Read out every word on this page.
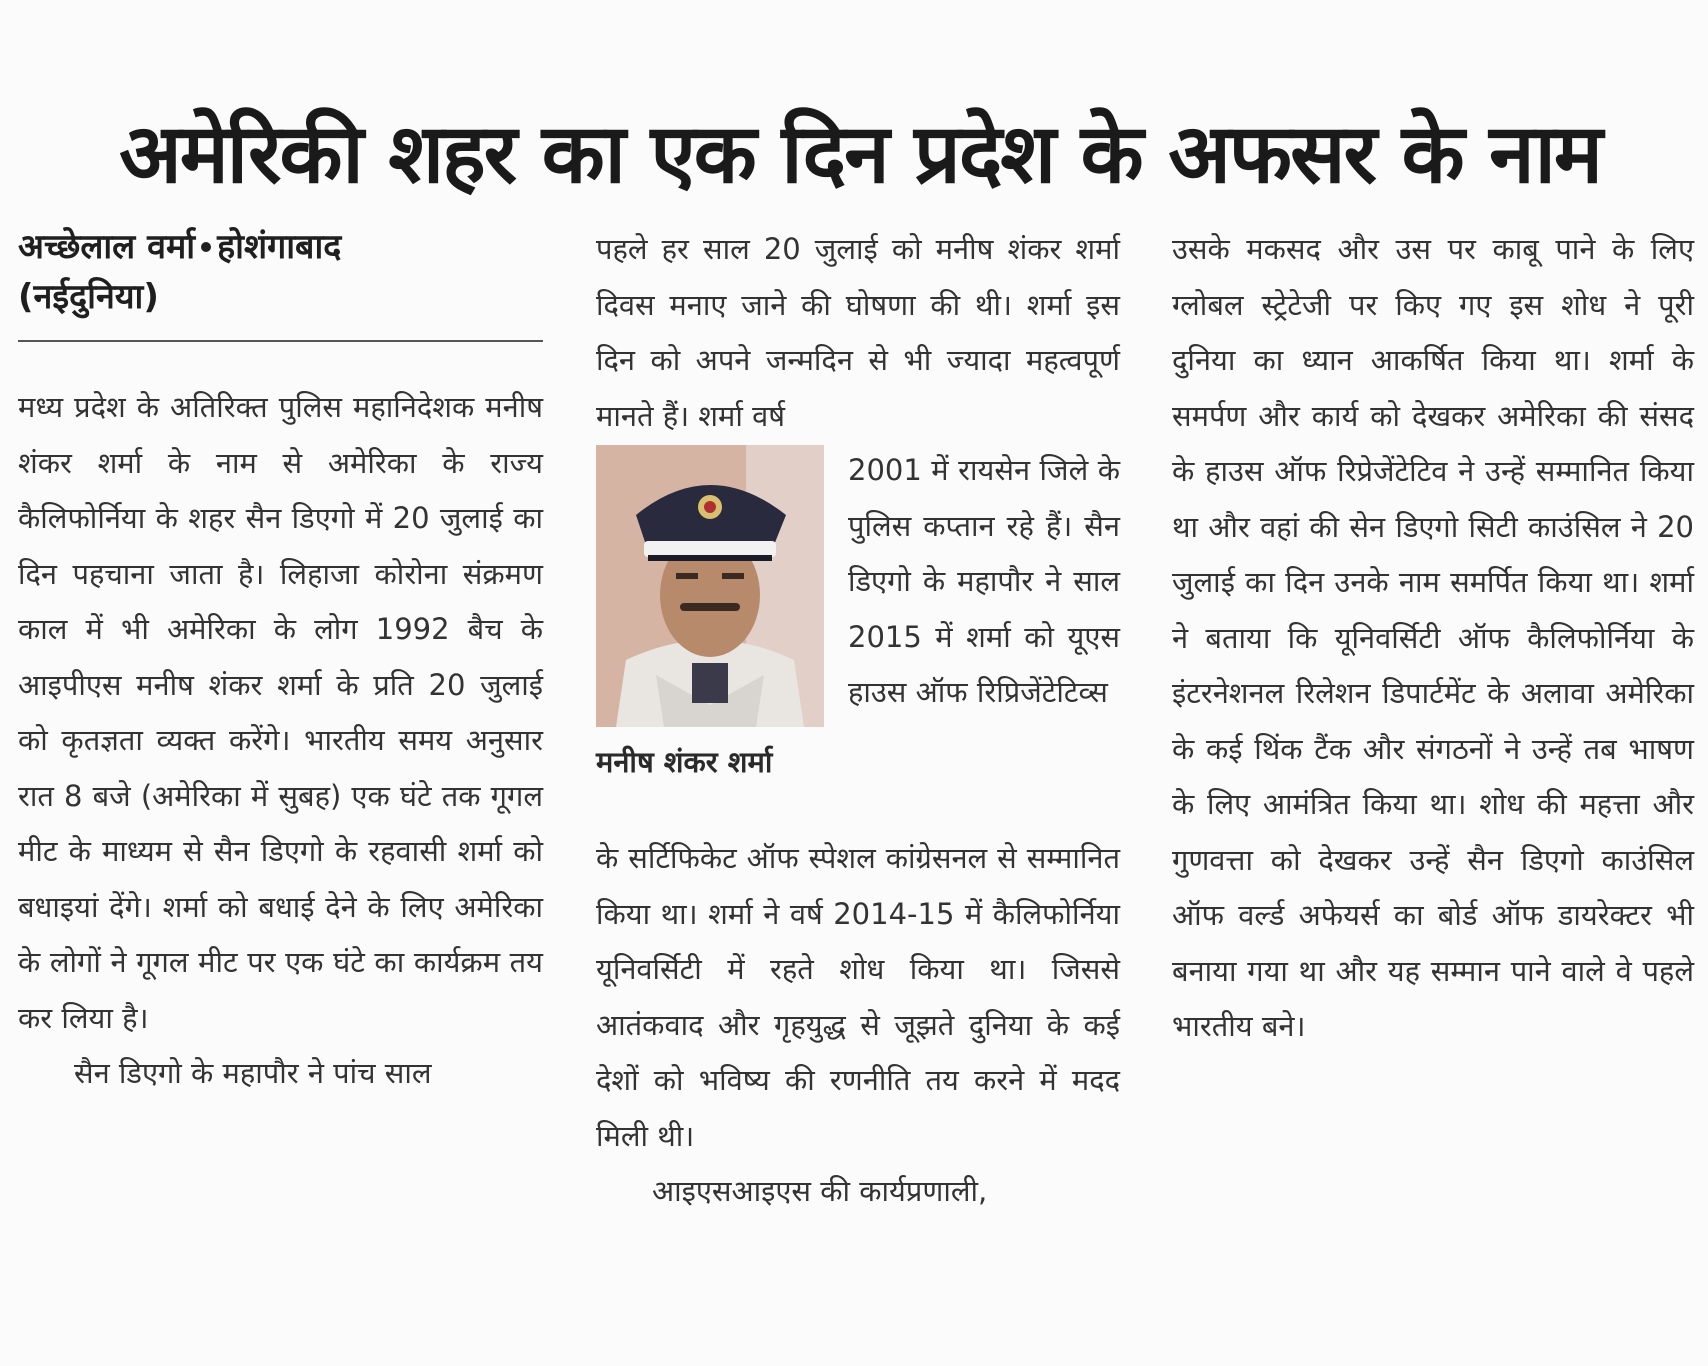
अमेरिकी शहर का एक दिन प्रदेश के अफसर के नाम
अच्छेलाल वर्मा होशंगाबाद
(नईदुनिया)

मध्य प्रदेश के अतिरिक्त पुलिस महानिदेशक मनीष शंकर शर्मा के नाम से अमेरिका के राज्य कैलिफोर्निया के शहर सैन डिएगो में 20 जुलाई का दिन पहचाना जाता है। लिहाजा कोरोना संक्रमण काल में भी अमेरिका के लोग 1992 बैच के आइपीएस मनीष शंकर शर्मा के प्रति 20 जुलाई को कृतज्ञता व्यक्त करेंगे। भारतीय समय अनुसार रात 8 बजे (अमेरिका में सुबह) एक घंटे तक गूगल मीट के माध्यम से सैन डिएगो के रहवासी शर्मा को बधाइयां देंगे। शर्मा को बधाई देने के लिए अमेरिका के लोगों ने गूगल मीट पर एक घंटे का कार्यक्रम तय कर लिया है।

सैन डिएगो के महापौर ने पांच साल

पहले हर साल 20 जुलाई को मनीष शंकर शर्मा दिवस मनाए जाने की घोषणा की थी। शर्मा इस दिन को अपने जन्मदिन से भी ज्यादा महत्वपूर्ण मानते हैं। शर्मा वर्ष

मनीष शंकर शर्मा

2001 में रायसेन जिले के पुलिस कप्तान रहे हैं। सैन डिएगो के महापौर ने साल 2015 में शर्मा को यूएस हाउस ऑफ रिप्रिजेंटेटिव्स

के सर्टिफिकेट ऑफ स्पेशल कांग्रेसनल से सम्मानित किया था। शर्मा ने वर्ष 2014-15 में कैलिफोर्निया यूनिवर्सिटी में रहते शोध किया था। जिससे आतंकवाद और गृहयुद्ध से जूझते दुनिया के कई देशों को भविष्य की रणनीति तय करने में मदद मिली थी।

आइएसआइएस की कार्यप्रणाली,

उसके मकसद और उस पर काबू पाने के लिए ग्लोबल स्ट्रेटेजी पर किए गए इस शोध ने पूरी दुनिया का ध्यान आकर्षित किया था। शर्मा के समर्पण और कार्य को देखकर अमेरिका की संसद के हाउस ऑफ रिप्रेजेंटेटिव ने उन्हें सम्मानित किया था और वहां की सेन डिएगो सिटी काउंसिल ने 20 जुलाई का दिन उनके नाम समर्पित किया था। शर्मा ने बताया कि यूनिवर्सिटी ऑफ कैलिफोर्निया के इंटरनेशनल रिलेशन डिपार्टमेंट के अलावा अमेरिका के कई थिंक टैंक और संगठनों ने उन्हें तब भाषण के लिए आमंत्रित किया था। शोध की महत्ता और गुणवत्ता को देखकर उन्हें सैन डिएगो काउंसिल ऑफ वर्ल्ड अफेयर्स का बोर्ड ऑफ डायरेक्टर भी बनाया गया था और यह सम्मान पाने वाले वे पहले भारतीय बने।
